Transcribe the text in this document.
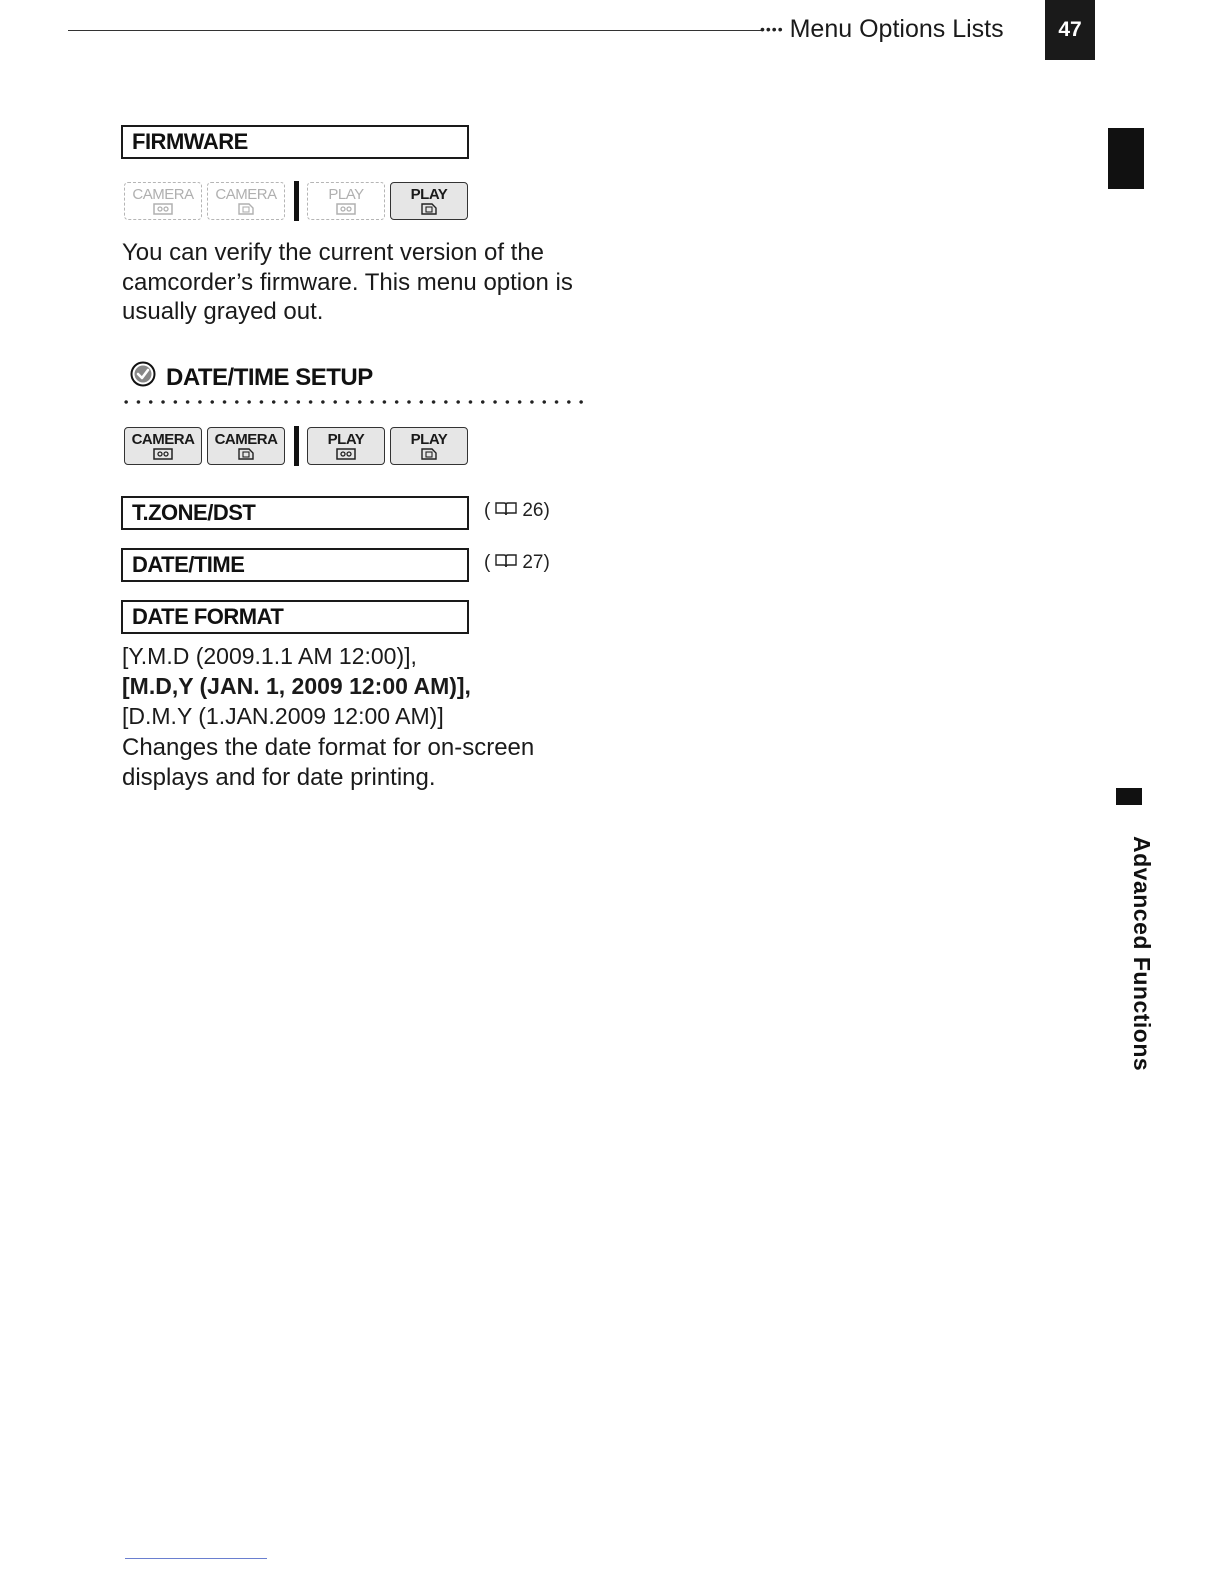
•••• Menu Options Lists	47
Advanced Functions
FIRMWARE
CAMERA CAMERA	PLAY	PLAY
You can verify the current version of the camcorder’s firmware. This menu option is usually grayed out.
DATE/TIME SETUP
CAMERA CAMERA	PLAY	PLAY
T.ZONE/DST	( 26)
DATE/TIME	( 27)
DATE FORMAT
[Y.M.D (2009.1.1 AM 12:00)],
[M.D,Y (JAN. 1, 2009 12:00 AM)],
[D.M.Y (1.JAN.2009 12:00 AM)]
Changes the date format for on-screen displays and for date printing.
